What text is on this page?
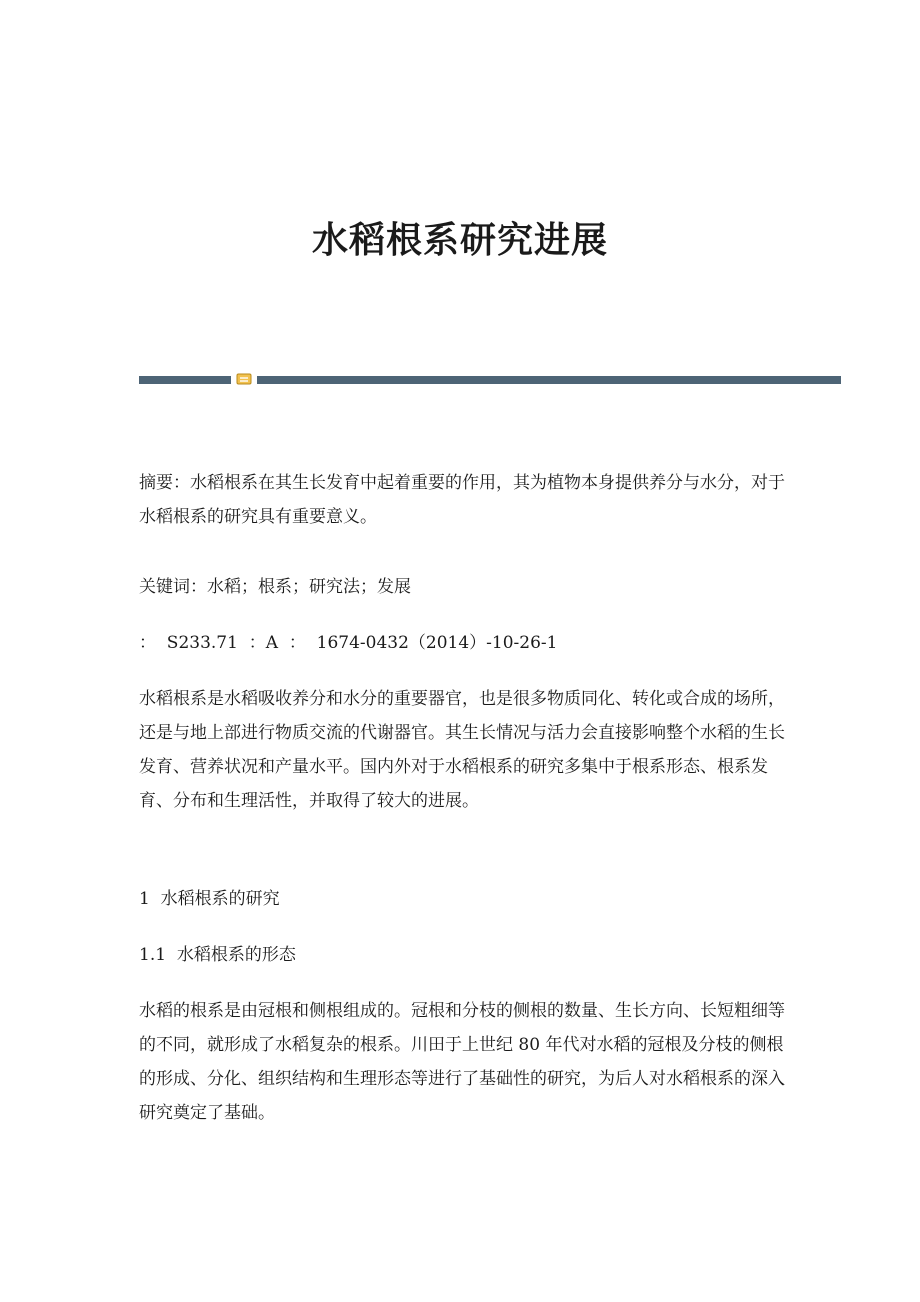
水稻根系研究进展

摘要：水稻根系在其生长发育中起着重要的作用，其为植物本身提供养分与水分，对于水稻根系的研究具有重要意义。

关键词：水稻；根系；研究法；发展

：  S233.71  ：A  ：  1674-0432（2014）-10-26-1

水稻根系是水稻吸收养分和水分的重要器官，也是很多物质同化、转化或合成的场所，还是与地上部进行物质交流的代谢器官。其生长情况与活力会直接影响整个水稻的生长发育、营养状况和产量水平。国内外对于水稻根系的研究多集中于根系形态、根系发育、分布和生理活性，并取得了较大的进展。

1  水稻根系的研究

1.1  水稻根系的形态

水稻的根系是由冠根和侧根组成的。冠根和分枝的侧根的数量、生长方向、长短粗细等的不同，就形成了水稻复杂的根系。川田于上世纪 80 年代对水稻的冠根及分枝的侧根的形成、分化、组织结构和生理形态等进行了基础性的研究，为后人对水稻根系的深入研究奠定了基础。
